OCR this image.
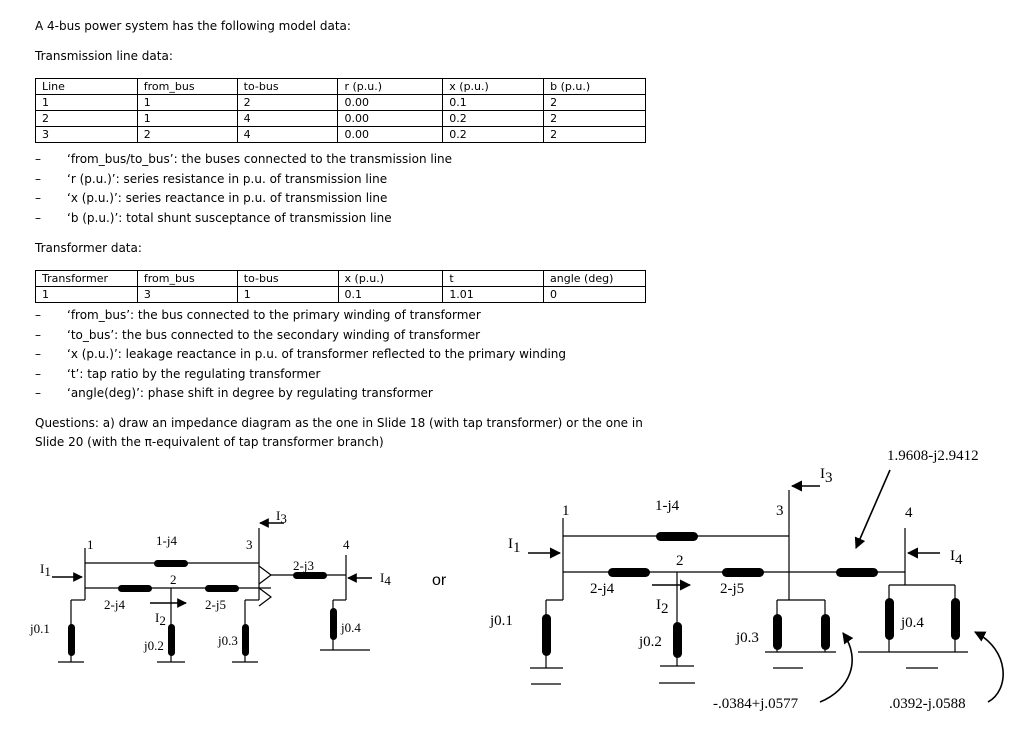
A 4-bus power system has the following model data:
Transmission line data:
Line	from_bus	to-bus	r (p.u.)	x (p.u.)	b (p.u.)
1	1	2	0.00	0.1	2
2	1	4	0.00	0.2	2
3	2	4	0.00	0.2	2
– ‘from_bus/to_bus’: the buses connected to the transmission line
– ‘r (p.u.)’: series resistance in p.u. of transmission line
– ‘x (p.u.)’: series reactance in p.u. of transmission line
– ‘b (p.u.)’: total shunt susceptance of transmission line
Transformer data:
Transformer	from_bus	to-bus	x (p.u.)	t	angle (deg)
1	3	1	0.1	1.01	0
– ‘from_bus’: the bus connected to the primary winding of transformer
– ‘to_bus’: the bus connected to the secondary winding of transformer
– ‘x (p.u.)’: leakage reactance in p.u. of transformer reflected to the primary winding
– ‘t’: tap ratio by the regulating transformer
– ‘angle(deg)’: phase shift in degree by regulating transformer
Questions: a) draw an impedance diagram as the one in Slide 18 (with tap transformer) or the one in
Slide 20 (with the π-equivalent of tap transformer branch)
1
2
3	4
1-j4
2-j4	2-j5
2-j3
j0.1
j0.2	j0.3
j0.4
I1
I2
I3
I4	or
1
2
3	4
1-j4
2-j4	2-j5
j0.1
j0.2	j0.3
j0.4
I1
I2
I3
I4
1.9608-j2.9412
-.0384+j.0577	.0392-j.0588
